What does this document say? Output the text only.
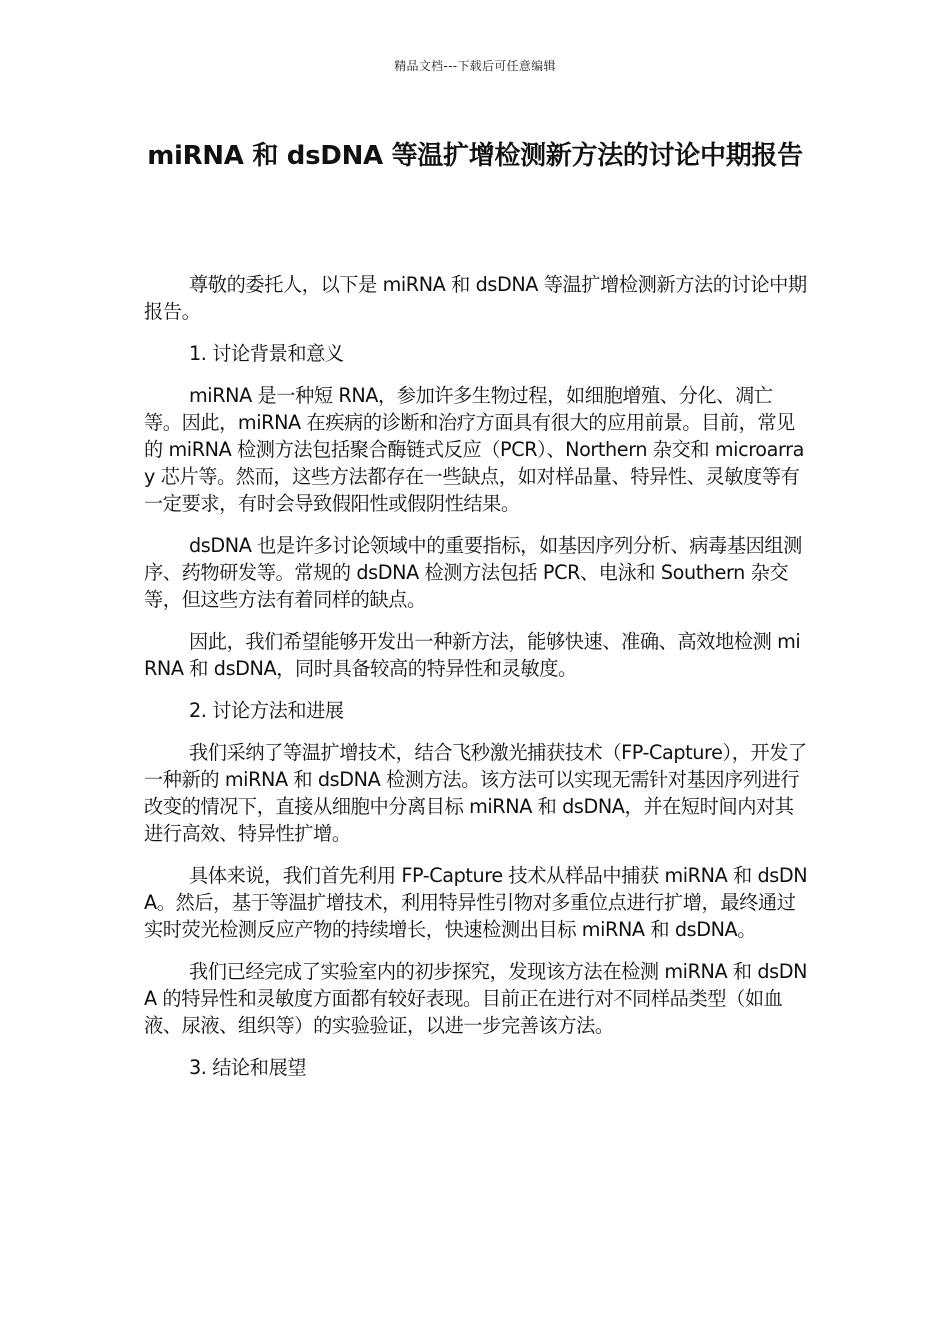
精品文档---下载后可任意编辑
miRNA 和 dsDNA 等温扩增检测新方法的讨论中期报告

尊敬的委托人，以下是 miRNA 和 dsDNA 等温扩增检测新方法的讨论中期报告。

1. 讨论背景和意义

miRNA 是一种短 RNA，参加许多生物过程，如细胞增殖、分化、凋亡等。因此，miRNA 在疾病的诊断和治疗方面具有很大的应用前景。目前，常见的 miRNA 检测方法包括聚合酶链式反应（PCR）、Northern 杂交和 microarray 芯片等。然而，这些方法都存在一些缺点，如对样品量、特异性、灵敏度等有一定要求，有时会导致假阳性或假阴性结果。

dsDNA 也是许多讨论领域中的重要指标，如基因序列分析、病毒基因组测序、药物研发等。常规的 dsDNA 检测方法包括 PCR、电泳和 Southern 杂交等，但这些方法有着同样的缺点。

因此，我们希望能够开发出一种新方法，能够快速、准确、高效地检测 miRNA 和 dsDNA，同时具备较高的特异性和灵敏度。

2. 讨论方法和进展

我们采纳了等温扩增技术，结合飞秒激光捕获技术（FP-Capture），开发了一种新的 miRNA 和 dsDNA 检测方法。该方法可以实现无需针对基因序列进行改变的情况下，直接从细胞中分离目标 miRNA 和 dsDNA，并在短时间内对其进行高效、特异性扩增。

具体来说，我们首先利用 FP-Capture 技术从样品中捕获 miRNA 和 dsDNA。然后，基于等温扩增技术，利用特异性引物对多重位点进行扩增，最终通过实时荧光检测反应产物的持续增长，快速检测出目标 miRNA 和 dsDNA。

我们已经完成了实验室内的初步探究，发现该方法在检测 miRNA 和 dsDNA 的特异性和灵敏度方面都有较好表现。目前正在进行对不同样品类型（如血液、尿液、组织等）的实验验证，以进一步完善该方法。

3. 结论和展望
